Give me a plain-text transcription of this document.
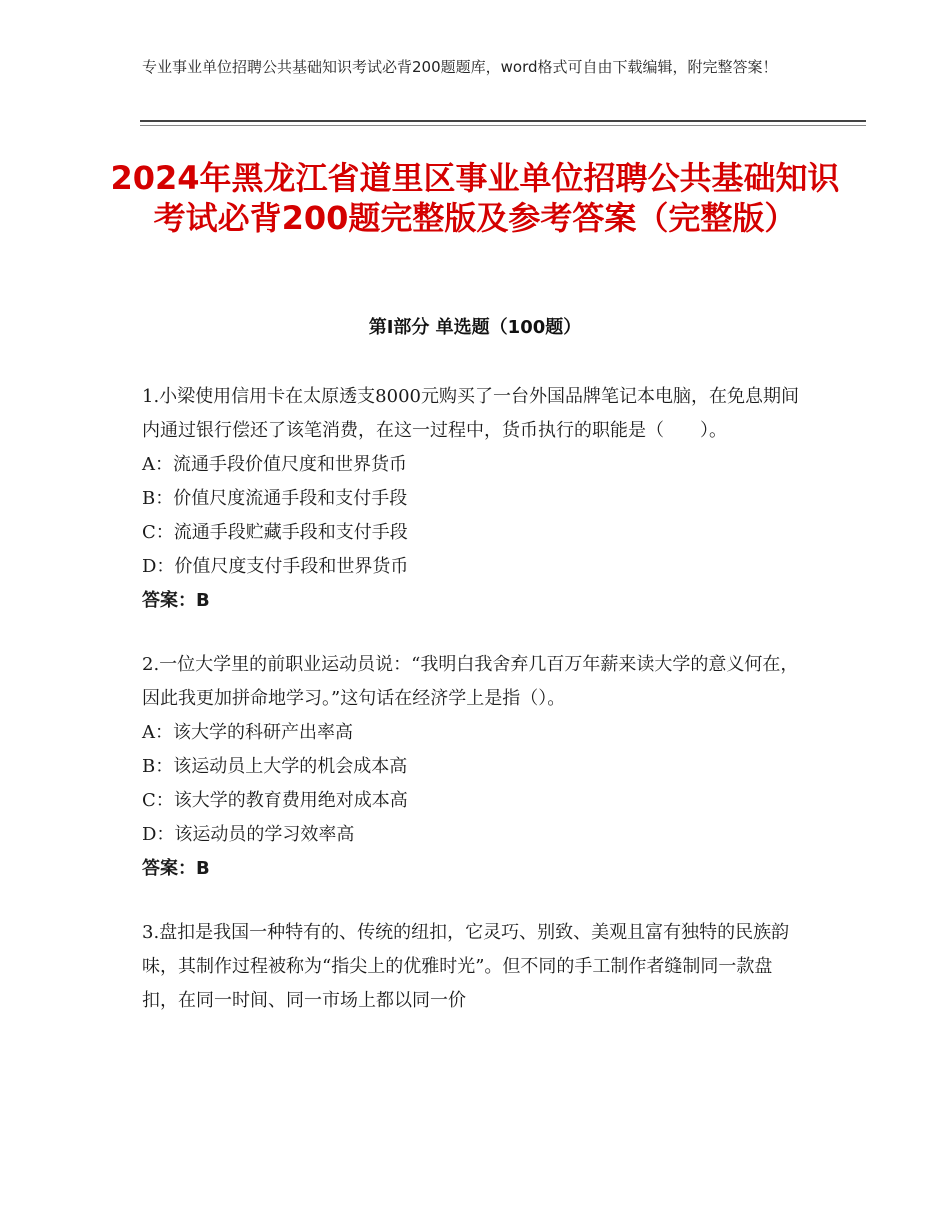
专业事业单位招聘公共基础知识考试必背200题题库，word格式可自由下载编辑，附完整答案！
2024年黑龙江省道里区事业单位招聘公共基础知识考试必背200题完整版及参考答案（完整版）
第I部分 单选题（100题）

1.小梁使用信用卡在太原透支8000元购买了一台外国品牌笔记本电脑，在免息期间内通过银行偿还了该笔消费，在这一过程中，货币执行的职能是（　　）。

A：流通手段价值尺度和世界货币

B：价值尺度流通手段和支付手段

C：流通手段贮藏手段和支付手段

D：价值尺度支付手段和世界货币

答案：B

2.一位大学里的前职业运动员说：“我明白我舍弃几百万年薪来读大学的意义何在，因此我更加拼命地学习。”这句话在经济学上是指（）。

A：该大学的科研产出率高

B：该运动员上大学的机会成本高

C：该大学的教育费用绝对成本高

D：该运动员的学习效率高

答案：B

3.盘扣是我国一种特有的、传统的纽扣，它灵巧、别致、美观且富有独特的民族韵味，其制作过程被称为“指尖上的优雅时光”。但不同的手工制作者缝制同一款盘扣，在同一时间、同一市场上都以同一价
